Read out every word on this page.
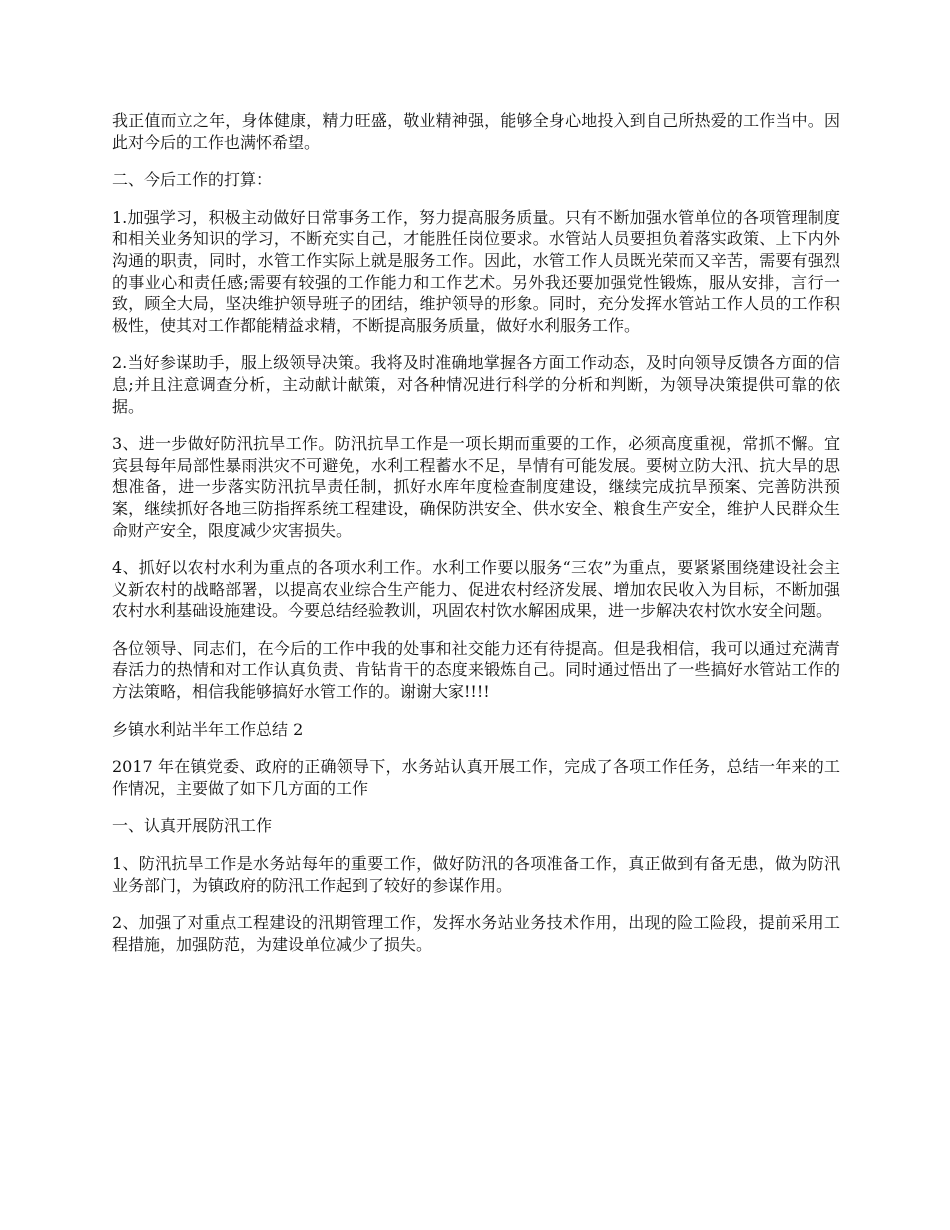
我正值而立之年，身体健康，精力旺盛，敬业精神强，能够全身心地投入到自己所热爱的工作当中。因此对今后的工作也满怀希望。

二、今后工作的打算：

1.加强学习，积极主动做好日常事务工作，努力提高服务质量。只有不断加强水管单位的各项管理制度和相关业务知识的学习，不断充实自己，才能胜任岗位要求。水管站人员要担负着落实政策、上下内外沟通的职责，同时，水管工作实际上就是服务工作。因此，水管工作人员既光荣而又辛苦，需要有强烈的事业心和责任感;需要有较强的工作能力和工作艺术。另外我还要加强党性锻炼，服从安排，言行一致，顾全大局，坚决维护领导班子的团结，维护领导的形象。同时，充分发挥水管站工作人员的工作积极性，使其对工作都能精益求精，不断提高服务质量，做好水利服务工作。

2.当好参谋助手，服上级领导决策。我将及时准确地掌握各方面工作动态，及时向领导反馈各方面的信息;并且注意调查分析，主动献计献策，对各种情况进行科学的分析和判断，为领导决策提供可靠的依据。

3、进一步做好防汛抗旱工作。防汛抗旱工作是一项长期而重要的工作，必须高度重视，常抓不懈。宜宾县每年局部性暴雨洪灾不可避免，水利工程蓄水不足，旱情有可能发展。要树立防大汛、抗大旱的思想准备，进一步落实防汛抗旱责任制，抓好水库年度检查制度建设，继续完成抗旱预案、完善防洪预案，继续抓好各地三防指挥系统工程建设，确保防洪安全、供水安全、粮食生产安全，维护人民群众生命财产安全，限度减少灾害损失。

4、抓好以农村水利为重点的各项水利工作。水利工作要以服务“三农”为重点，要紧紧围绕建设社会主义新农村的战略部署，以提高农业综合生产能力、促进农村经济发展、增加农民收入为目标，不断加强农村水利基础设施建设。今要总结经验教训，巩固农村饮水解困成果，进一步解决农村饮水安全问题。

各位领导、同志们，在今后的工作中我的处事和社交能力还有待提高。但是我相信，我可以通过充满青春活力的热情和对工作认真负责、肯钻肯干的态度来锻炼自己。同时通过悟出了一些搞好水管站工作的方法策略，相信我能够搞好水管工作的。谢谢大家!!!!

乡镇水利站半年工作总结 2

2017 年在镇党委、政府的正确领导下，水务站认真开展工作，完成了各项工作任务，总结一年来的工作情况，主要做了如下几方面的工作

一、认真开展防汛工作

1、防汛抗旱工作是水务站每年的重要工作，做好防汛的各项准备工作，真正做到有备无患，做为防汛业务部门，为镇政府的防汛工作起到了较好的参谋作用。

2、加强了对重点工程建设的汛期管理工作，发挥水务站业务技术作用，出现的险工险段，提前采用工程措施，加强防范，为建设单位减少了损失。
